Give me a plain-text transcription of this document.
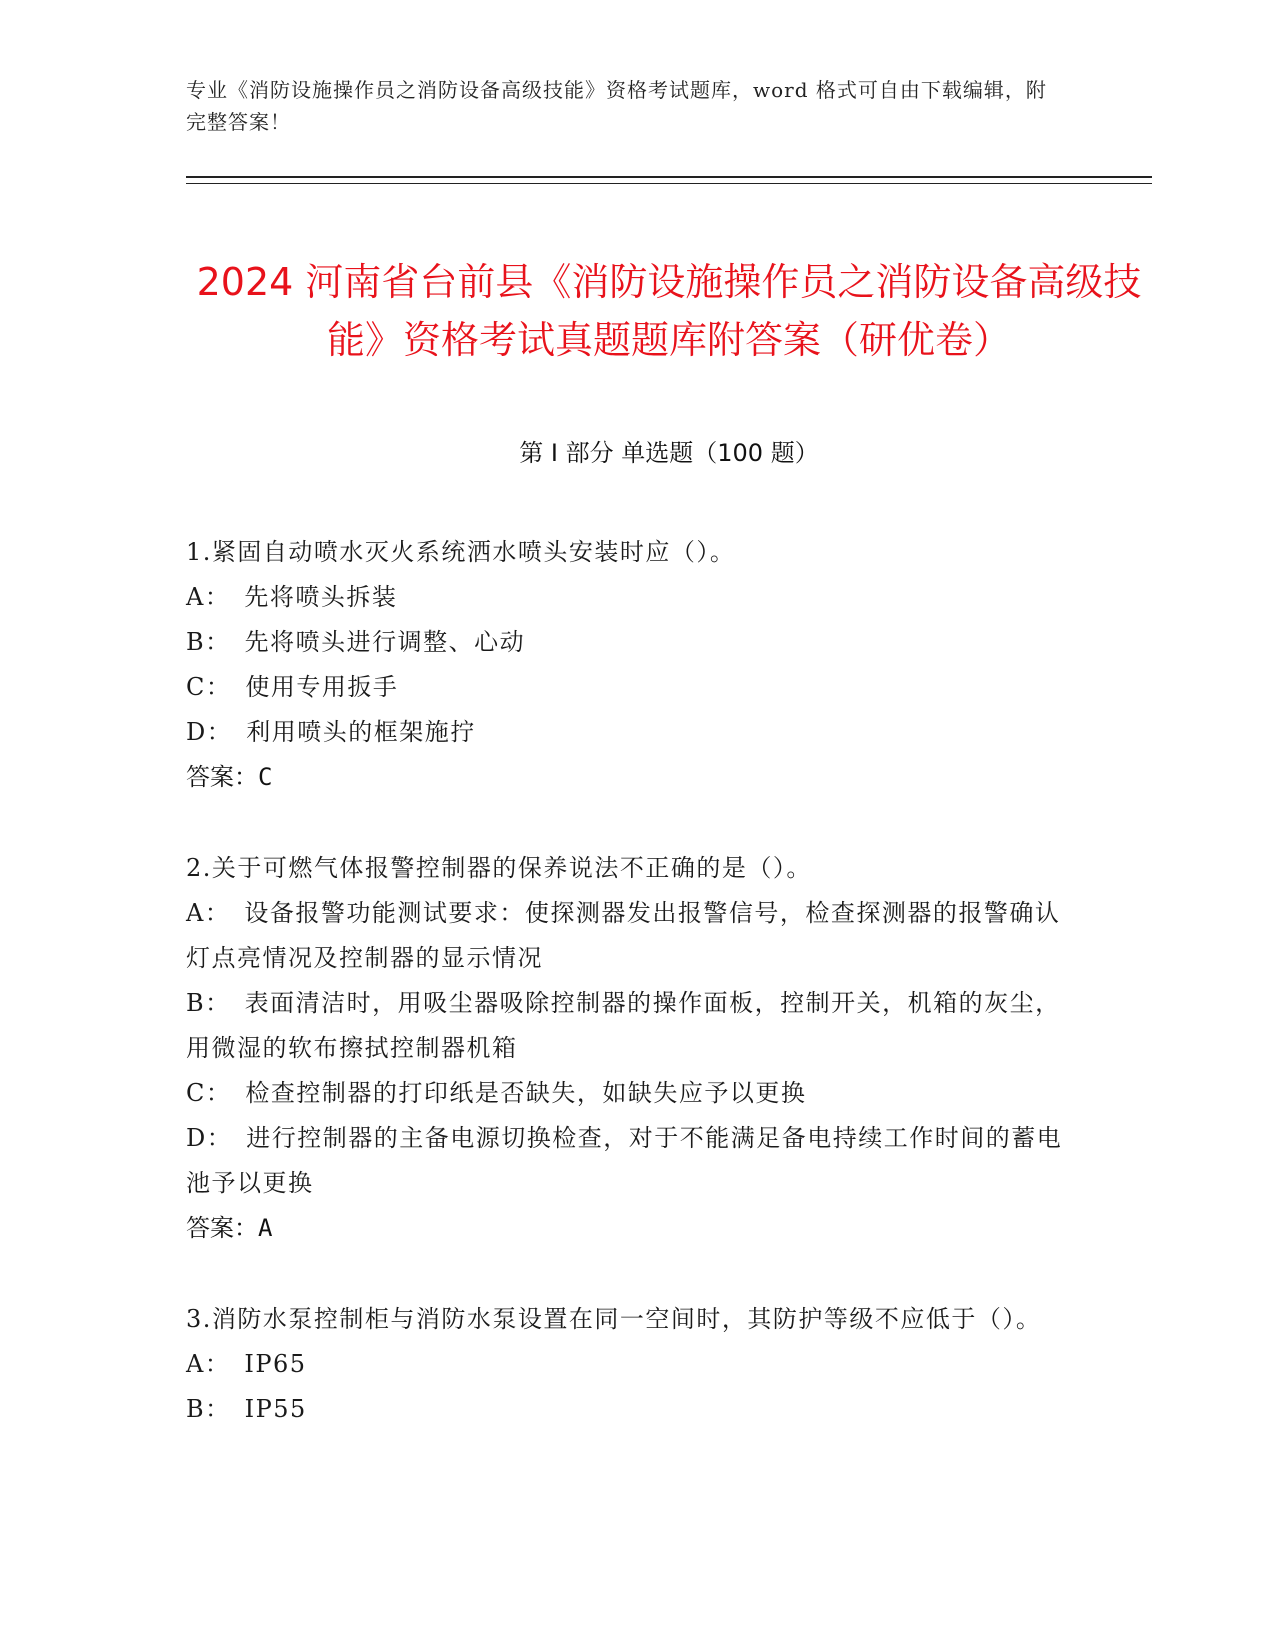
专业《消防设施操作员之消防设备高级技能》资格考试题库，word 格式可自由下载编辑，附完整答案！
2024 河南省台前县《消防设施操作员之消防设备高级技能》资格考试真题题库附答案（研优卷）
第 I 部分 单选题（100 题）

1.紧固自动喷水灭火系统洒水喷头安装时应（）。

A： 先将喷头拆装

B： 先将喷头进行调整、心动

C： 使用专用扳手

D： 利用喷头的框架施拧

答案：C

2.关于可燃气体报警控制器的保养说法不正确的是（）。

A： 设备报警功能测试要求：使探测器发出报警信号，检查探测器的报警确认灯点亮情况及控制器的显示情况

B： 表面清洁时，用吸尘器吸除控制器的操作面板，控制开关，机箱的灰尘，用微湿的软布擦拭控制器机箱

C： 检查控制器的打印纸是否缺失，如缺失应予以更换

D： 进行控制器的主备电源切换检查，对于不能满足备电持续工作时间的蓄电池予以更换

答案：A

3.消防水泵控制柜与消防水泵设置在同一空间时，其防护等级不应低于（）。

A： IP65

B： IP55
